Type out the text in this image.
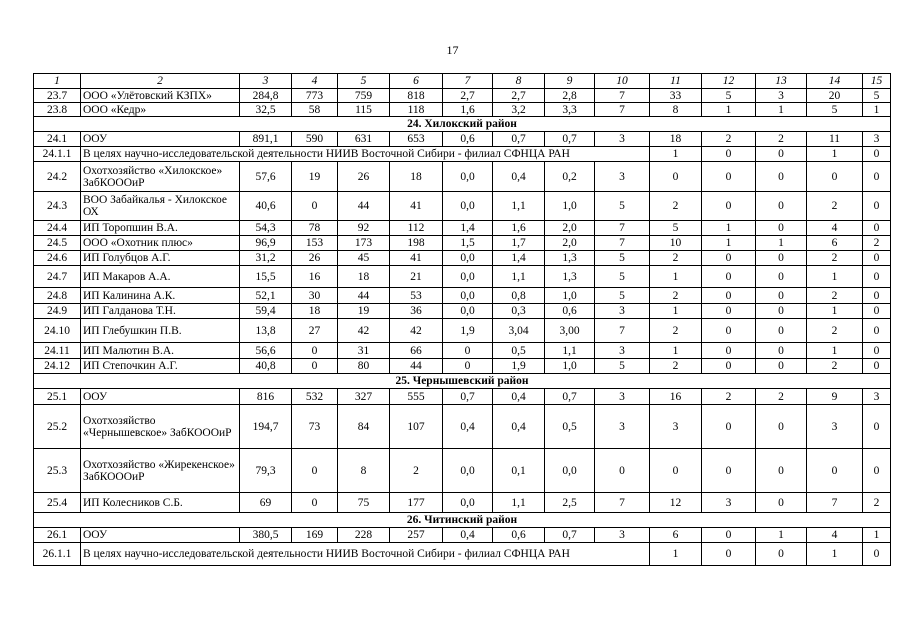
17
1	2	3	4	5	6	7	8	9	10	11	12	13	14	15
23.7	ООО «Улётовский КЗПХ»	284,8	773	759	818	2,7	2,7	2,8	7	33	5	3	20	5
23.8	ООО «Кедр»	32,5	58	115	118	1,6	3,2	3,3	7	8	1	1	5	1
24. Хилокский район														
24.1	ООУ	891,1	590	631	653	0,6	0,7	0,7	3	18	2	2	11	3
24.1.1	В целях научно-исследовательской деятельности НИИВ Восточной Сибири - филиал СФНЦА РАН									1	0	0	1	0
24.2	Охотхозяйство «Хилокское» ЗабКОООиР	57,6	19	26	18	0,0	0,4	0,2	3	0	0	0	0	0
24.3	ВОО Забайкалья - Хилокское ОХ	40,6	0	44	41	0,0	1,1	1,0	5	2	0	0	2	0
24.4	ИП Торопшин В.А.	54,3	78	92	112	1,4	1,6	2,0	7	5	1	0	4	0
24.5	ООО «Охотник плюс»	96,9	153	173	198	1,5	1,7	2,0	7	10	1	1	6	2
24.6	ИП Голубцов А.Г.	31,2	26	45	41	0,0	1,4	1,3	5	2	0	0	2	0
24.7	ИП Макаров А.А.	15,5	16	18	21	0,0	1,1	1,3	5	1	0	0	1	0
24.8	ИП Калинина А.К.	52,1	30	44	53	0,0	0,8	1,0	5	2	0	0	2	0
24.9	ИП Галданова Т.Н.	59,4	18	19	36	0,0	0,3	0,6	3	1	0	0	1	0
24.10	ИП Глебушкин П.В.	13,8	27	42	42	1,9	3,04	3,00	7	2	0	0	2	0
24.11	ИП Малютин В.А.	56,6	0	31	66	0	0,5	1,1	3	1	0	0	1	0
24.12	ИП Степочкин А.Г.	40,8	0	80	44	0	1,9	1,0	5	2	0	0	2	0
25. Чернышевский район														
25.1	ООУ	816	532	327	555	0,7	0,4	0,7	3	16	2	2	9	3
25.2	Охотхозяйство «Чернышевское» ЗабКОООиР	194,7	73	84	107	0,4	0,4	0,5	3	3	0	0	3	0
25.3	Охотхозяйство «Жирекенское» ЗабКОООиР	79,3	0	8	2	0,0	0,1	0,0	0	0	0	0	0	0
25.4	ИП Колесников С.Б.	69	0	75	177	0,0	1,1	2,5	7	12	3	0	7	2
26. Читинский район														
26.1	ООУ	380,5	169	228	257	0,4	0,6	0,7	3	6	0	1	4	1
26.1.1	В целях научно-исследовательской деятельности НИИВ Восточной Сибири - филиал СФНЦА РАН									1	0	0	1	0
